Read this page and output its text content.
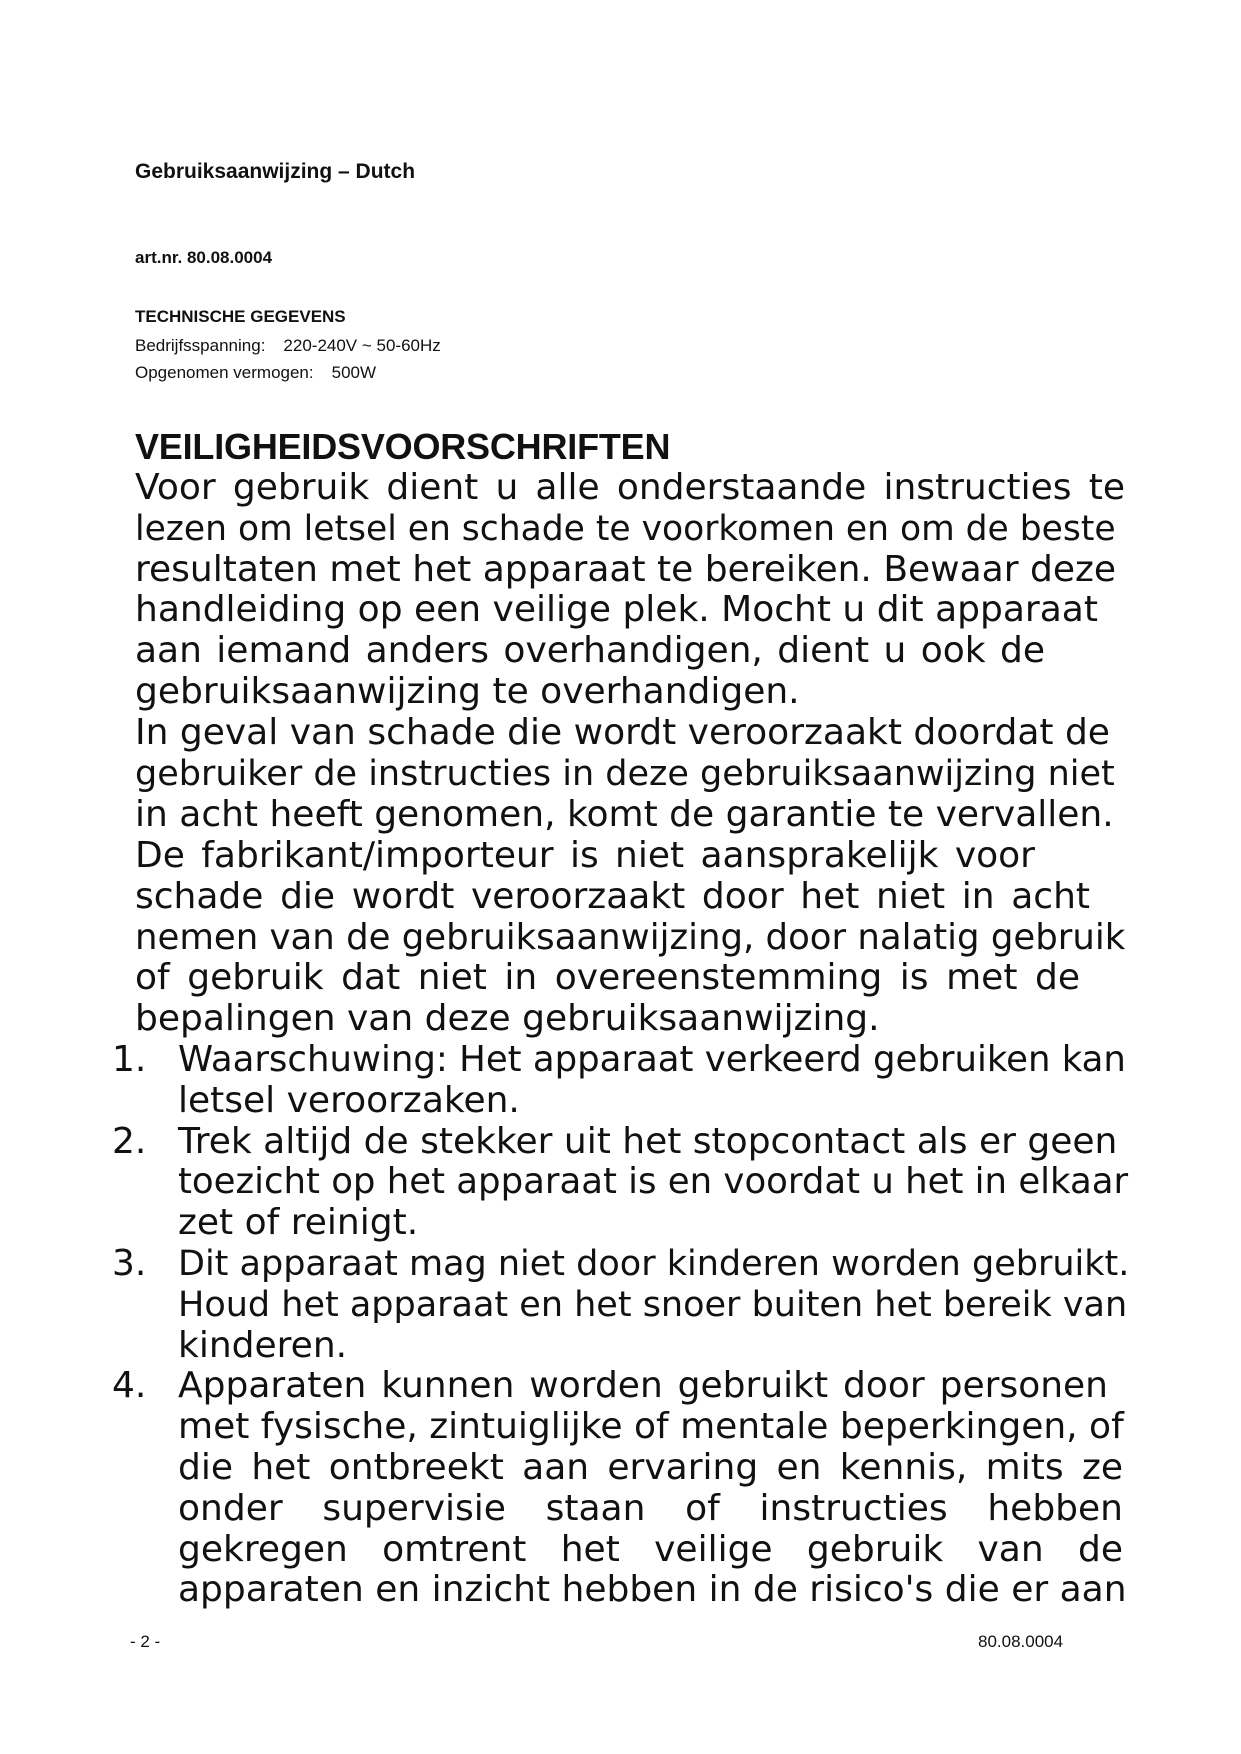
Gebruiksaanwijzing – Dutch
art.nr. 80.08.0004
TECHNISCHE GEGEVENS
Bedrijfsspanning: 220-240V ~ 50-60Hz
Opgenomen vermogen: 500W
VEILIGHEIDSVOORSCHRIFTEN
Voor gebruik dient u alle onderstaande instructies te
lezen om letsel en schade te voorkomen en om de beste
resultaten met het apparaat te bereiken. Bewaar deze
handleiding op een veilige plek. Mocht u dit apparaat
aan iemand anders overhandigen, dient u ook de
gebruiksaanwijzing te overhandigen.
In geval van schade die wordt veroorzaakt doordat de
gebruiker de instructies in deze gebruiksaanwijzing niet
in acht heeft genomen, komt de garantie te vervallen.
De fabrikant/importeur is niet aansprakelijk voor
schade die wordt veroorzaakt door het niet in acht
nemen van de gebruiksaanwijzing, door nalatig gebruik
of gebruik dat niet in overeenstemming is met de
bepalingen van deze gebruiksaanwijzing.
1. Waarschuwing: Het apparaat verkeerd gebruiken kan
letsel veroorzaken.
2. Trek altijd de stekker uit het stopcontact als er geen
toezicht op het apparaat is en voordat u het in elkaar
zet of reinigt.
3. Dit apparaat mag niet door kinderen worden gebruikt.
Houd het apparaat en het snoer buiten het bereik van
kinderen.
4. Apparaten kunnen worden gebruikt door personen
met fysische, zintuiglijke of mentale beperkingen, of
die het ontbreekt aan ervaring en kennis, mits ze
onder supervisie staan of instructies hebben
gekregen omtrent het veilige gebruik van de
apparaten en inzicht hebben in de risico's die er aan
- 2 -	80.08.0004
